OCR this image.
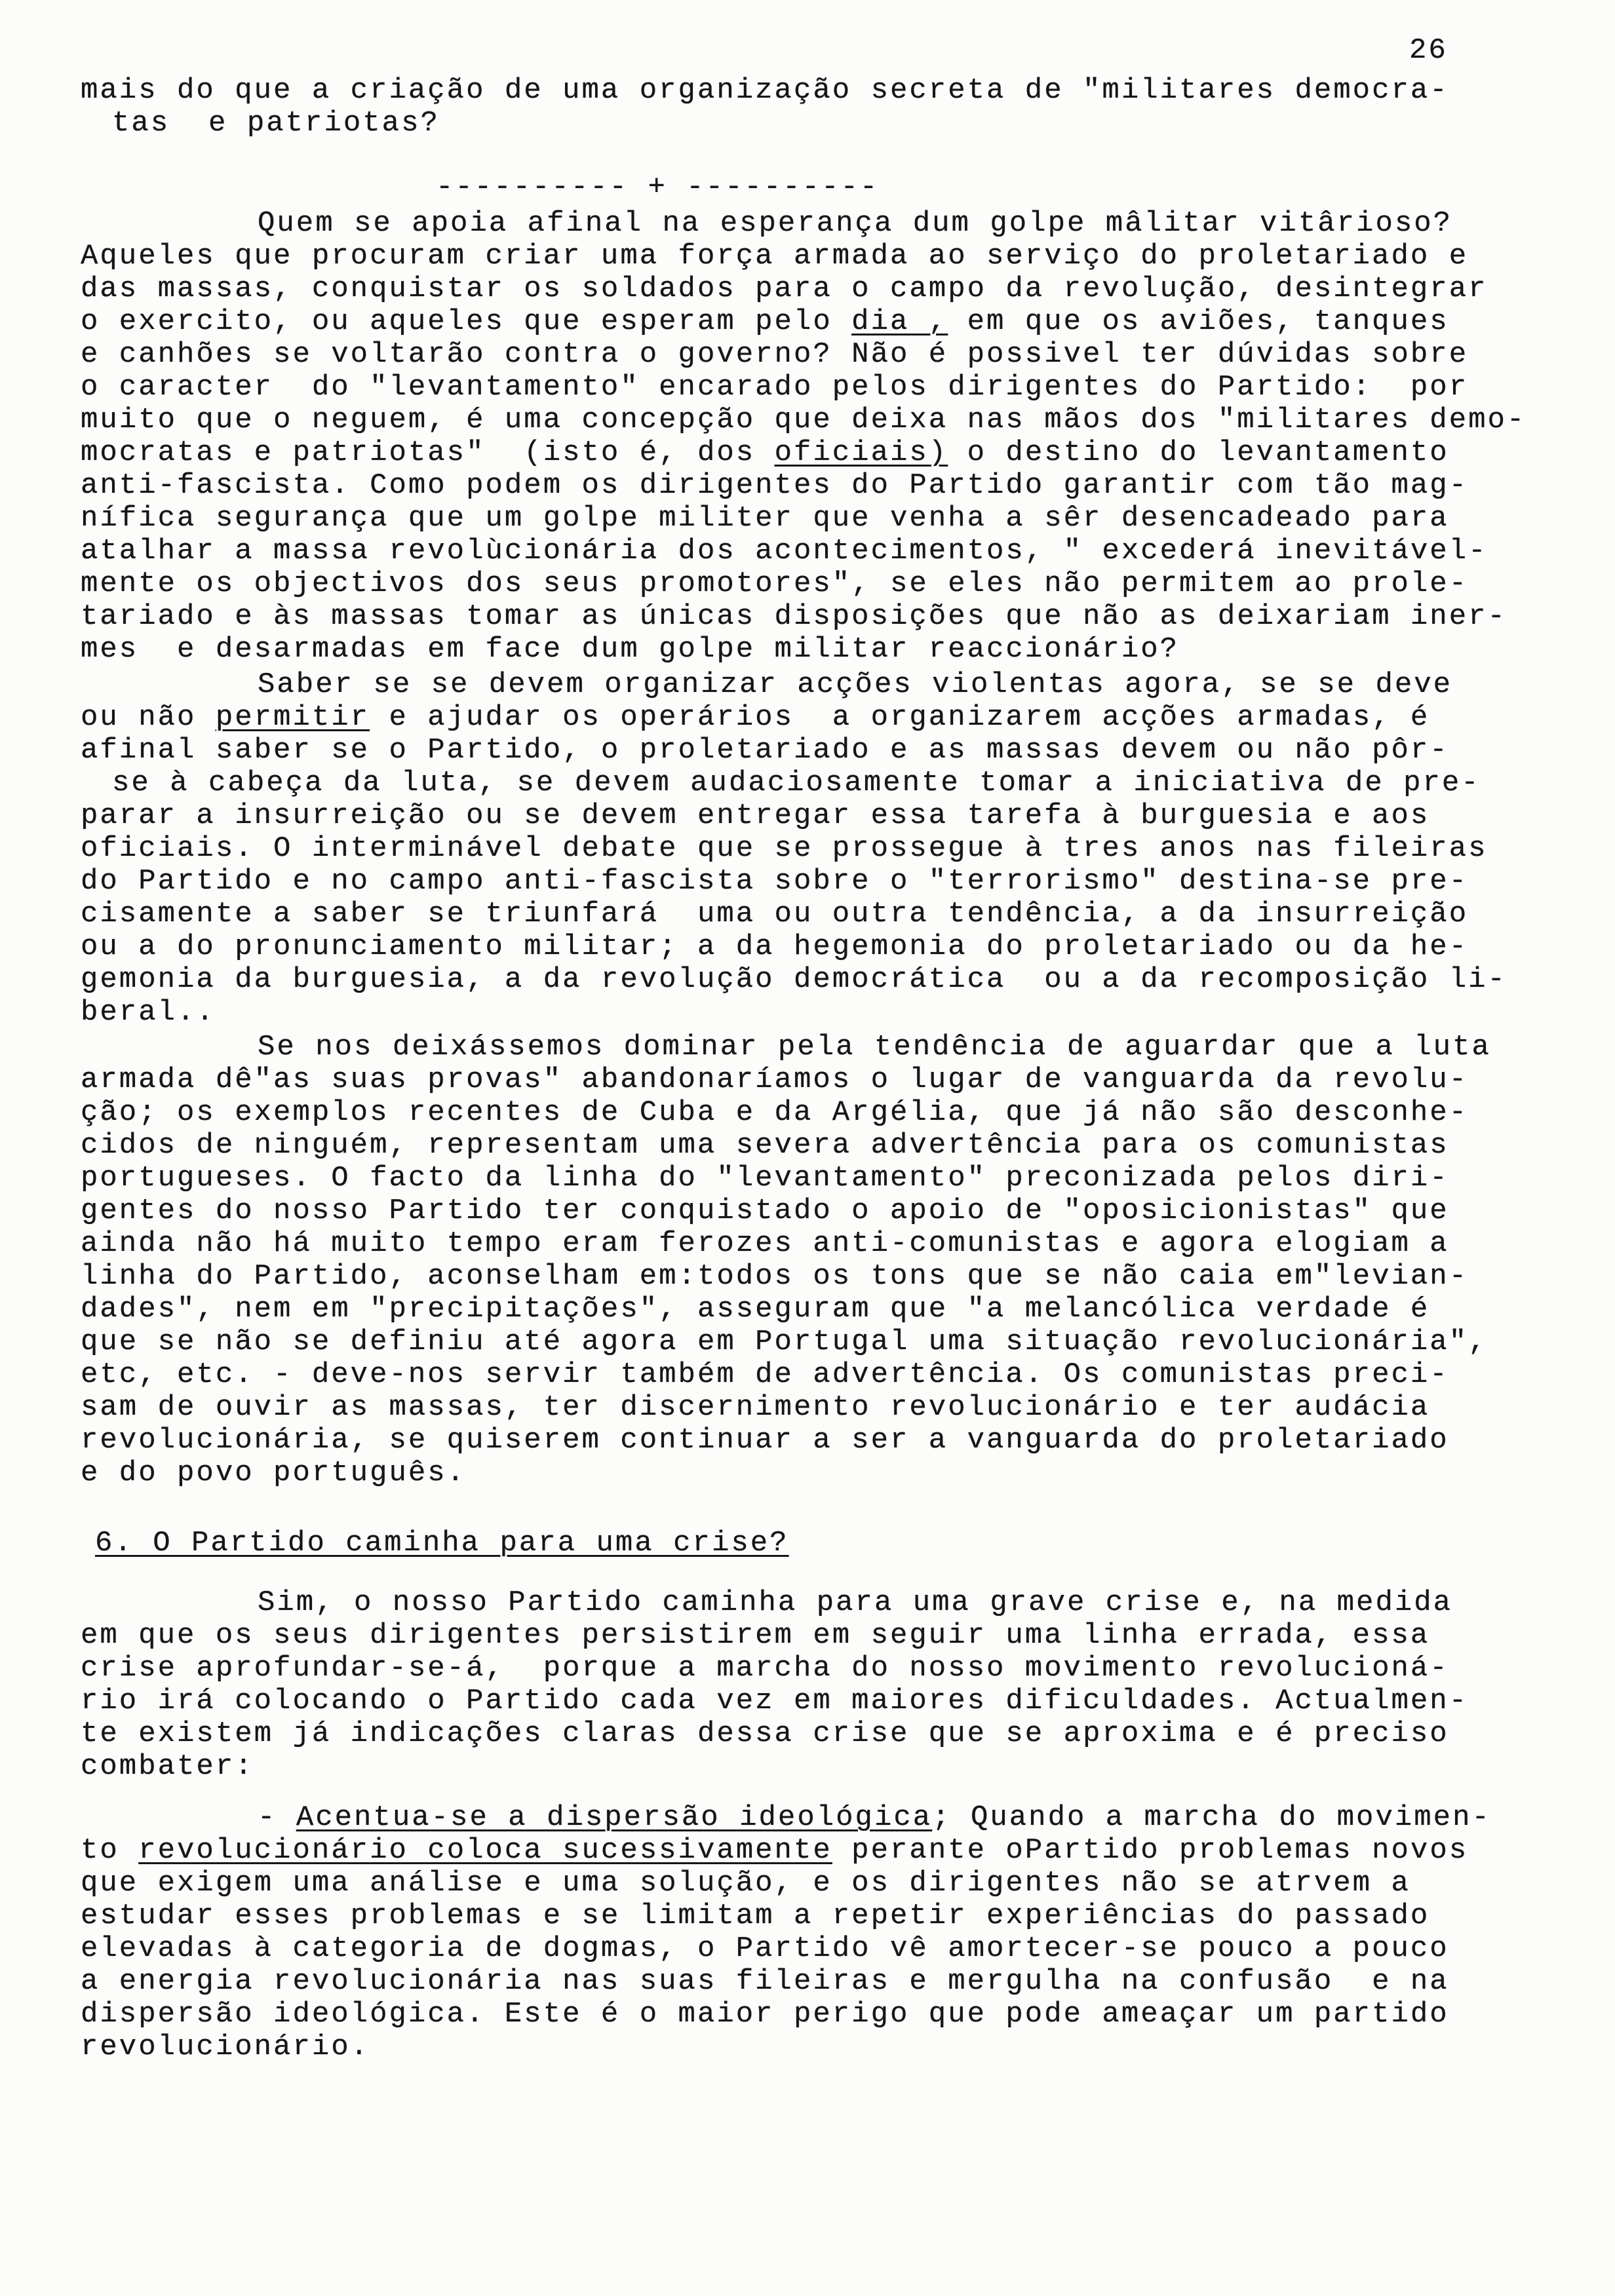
26
mais do que a criação de uma organização secreta de "militares democra-
tas  e patriotas?
---------- + ----------
Quem se apoia afinal na esperança dum golpe mâlitar vitârioso?
Aqueles que procuram criar uma força armada ao serviço do proletariado e
das massas, conquistar os soldados para o campo da revolução, desintegrar
o exercito, ou aqueles que esperam pelo dia , em que os aviões, tanques
e canhões se voltarão contra o governo? Não é possivel ter dúvidas sobre
o caracter  do "levantamento" encarado pelos dirigentes do Partido:  por
muito que o neguem, é uma concepção que deixa nas mãos dos "militares demo-
mocratas e patriotas"  (isto é, dos oficiais) o destino do levantamento
anti-fascista. Como podem os dirigentes do Partido garantir com tão mag-
nífica segurança que um golpe militer que venha a sêr desencadeado para
atalhar a massa revolùcionária dos acontecimentos, " excederá inevitável-
mente os objectivos dos seus promotores", se eles não permitem ao prole-
tariado e às massas tomar as únicas disposições que não as deixariam iner-
mes  e desarmadas em face dum golpe militar reaccionário?
Saber se se devem organizar acções violentas agora, se se deve
ou não permitir e ajudar os operários  a organizarem acções armadas, é
afinal saber se o Partido, o proletariado e as massas devem ou não pôr-
se à cabeça da luta, se devem audaciosamente tomar a iniciativa de pre-
parar a insurreição ou se devem entregar essa tarefa à burguesia e aos
oficiais. O interminável debate que se prossegue à tres anos nas fileiras
do Partido e no campo anti-fascista sobre o "terrorismo" destina-se pre-
cisamente a saber se triunfará  uma ou outra tendência, a da insurreição
ou a do pronunciamento militar; a da hegemonia do proletariado ou da he-
gemonia da burguesia, a da revolução democrática  ou a da recomposição li-
beral..
Se nos deixássemos dominar pela tendência de aguardar que a luta
armada dê"as suas provas" abandonaríamos o lugar de vanguarda da revolu-
ção; os exemplos recentes de Cuba e da Argélia, que já não são desconhe-
cidos de ninguém, representam uma severa advertência para os comunistas
portugueses. O facto da linha do "levantamento" preconizada pelos diri-
gentes do nosso Partido ter conquistado o apoio de "oposicionistas" que
ainda não há muito tempo eram ferozes anti-comunistas e agora elogiam a
linha do Partido, aconselham em:todos os tons que se não caia em"levian-
dades", nem em "precipitações", asseguram que "a melancólica verdade é
que se não se definiu até agora em Portugal uma situação revolucionária",
etc, etc. - deve-nos servir também de advertência. Os comunistas preci-
sam de ouvir as massas, ter discernimento revolucionário e ter audácia
revolucionária, se quiserem continuar a ser a vanguarda do proletariado
e do povo português.
6. O Partido caminha para uma crise?
Sim, o nosso Partido caminha para uma grave crise e, na medida
em que os seus dirigentes persistirem em seguir uma linha errada, essa
crise aprofundar-se-á,  porque a marcha do nosso movimento revolucioná-
rio irá colocando o Partido cada vez em maiores dificuldades. Actualmen-
te existem já indicações claras dessa crise que se aproxima e é preciso
combater:
- Acentua-se a dispersão ideológica; Quando a marcha do movimen-
to revolucionário coloca sucessivamente perante oPartido problemas novos
que exigem uma análise e uma solução, e os dirigentes não se atrvem a
estudar esses problemas e se limitam a repetir experiências do passado
elevadas à categoria de dogmas, o Partido vê amortecer-se pouco a pouco
a energia revolucionária nas suas fileiras e mergulha na confusão  e na
dispersão ideológica. Este é o maior perigo que pode ameaçar um partido
revolucionário.
